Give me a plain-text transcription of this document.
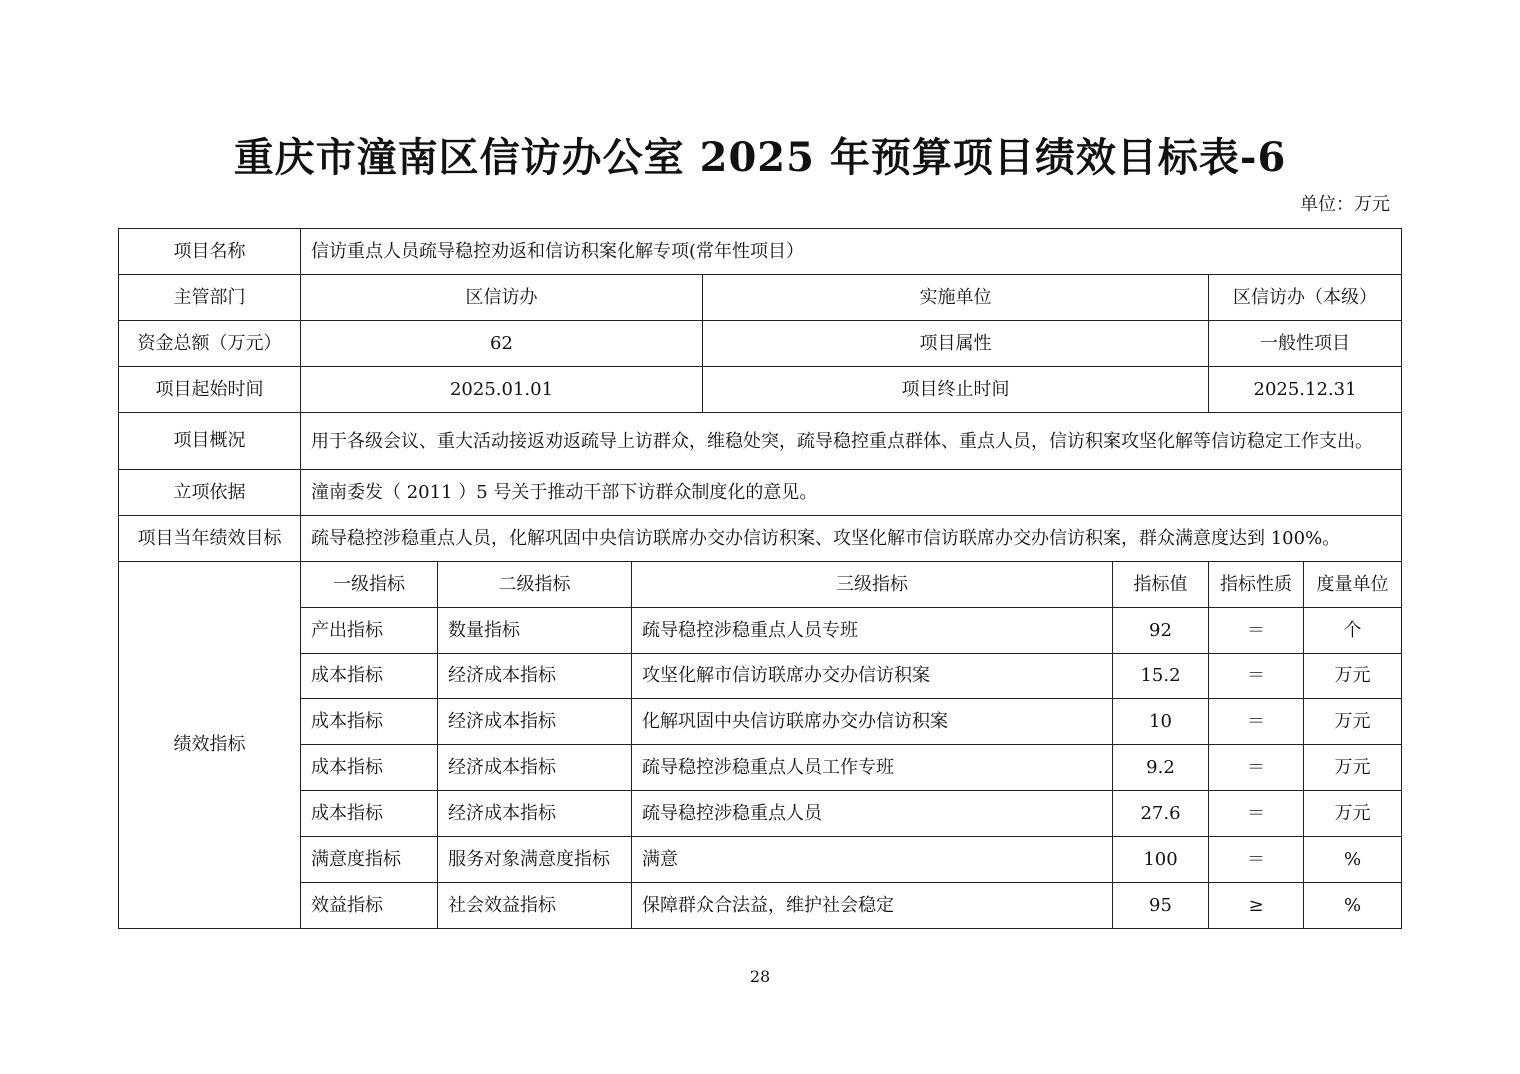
重庆市潼南区信访办公室 2025 年预算项目绩效目标表-6
单位：万元
项目名称	信访重点人员疏导稳控劝返和信访积案化解专项(常年性项目）						
主管部门	区信访办			实施单位		区信访办（本级）	
资金总额（万元）	62			项目属性		一般性项目	
项目起始时间	2025.01.01			项目终止时间		2025.12.31	
项目概况	用于各级会议、重大活动接返劝返疏导上访群众，维稳处突，疏导稳控重点群体、重点人员，信访积案攻坚化解等信访稳定工作支出。						
立项依据	潼南委发（ 2011 ）5 号关于推动干部下访群众制度化的意见。						
项目当年绩效目标	疏导稳控涉稳重点人员，化解巩固中央信访联席办交办信访积案、攻坚化解市信访联席办交办信访积案，群众满意度达到 100%。						
绩效指标	一级指标	二级指标	三级指标		指标值	指标性质	度量单位
	产出指标	数量指标	疏导稳控涉稳重点人员专班		92	＝	个
	成本指标	经济成本指标	攻坚化解市信访联席办交办信访积案		15.2	＝	万元
	成本指标	经济成本指标	化解巩固中央信访联席办交办信访积案		10	＝	万元
	成本指标	经济成本指标	疏导稳控涉稳重点人员工作专班		9.2	＝	万元
	成本指标	经济成本指标	疏导稳控涉稳重点人员		27.6	＝	万元
	满意度指标	服务对象满意度指标	满意		100	＝	%
	效益指标	社会效益指标	保障群众合法益，维护社会稳定		95	≥	%
28
